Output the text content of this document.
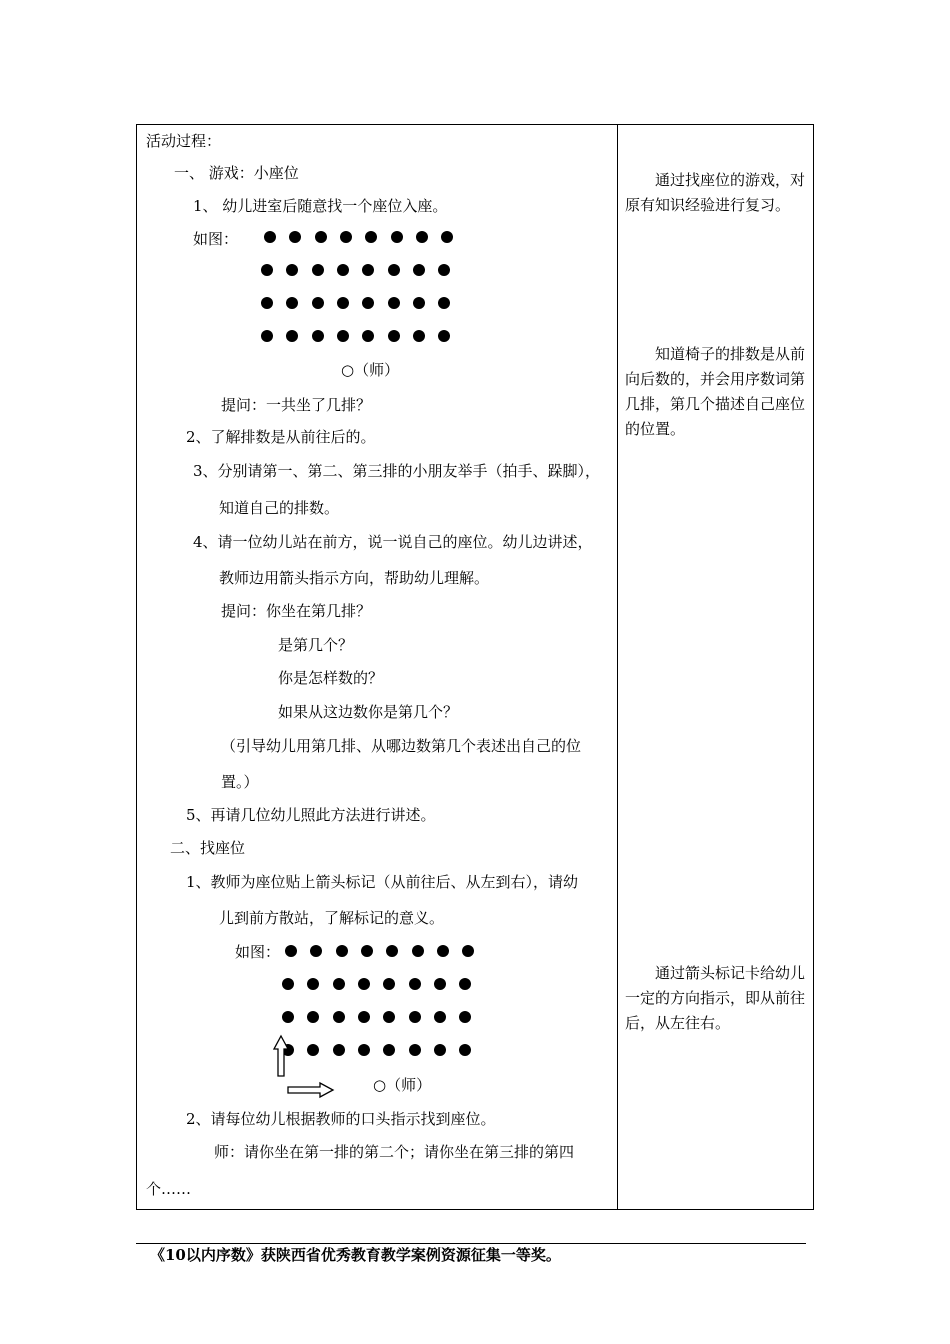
活动过程：
一、 游戏：小座位
1、 幼儿进室后随意找一个座位入座。
如图：
○（师）
提问：一共坐了几排？
2、了解排数是从前往后的。
3、分别请第一、第二、第三排的小朋友举手（拍手、跺脚），
知道自己的排数。
4、请一位幼儿站在前方，说一说自己的座位。幼儿边讲述，
教师边用箭头指示方向，帮助幼儿理解。
提问：你坐在第几排？
是第几个？
你是怎样数的？
如果从这边数你是第几个？
（引导幼儿用第几排、从哪边数第几个表述出自己的位
置。）
5、再请几位幼儿照此方法进行讲述。
二、找座位
1、教师为座位贴上箭头标记（从前往后、从左到右），请幼
儿到前方散站，了解标记的意义。
如图：
○（师）
2、请每位幼儿根据教师的口头指示找到座位。
师：请你坐在第一排的第二个；请你坐在第三排的第四
个……
通过找座位的游戏，对原有知识经验进行复习。
知道椅子的排数是从前向后数的，并会用序数词第几排，第几个描述自己座位的位置。
通过箭头标记卡给幼儿一定的方向指示，即从前往后，从左往右。
《10以内序数》获陕西省优秀教育教学案例资源征集一等奖。
